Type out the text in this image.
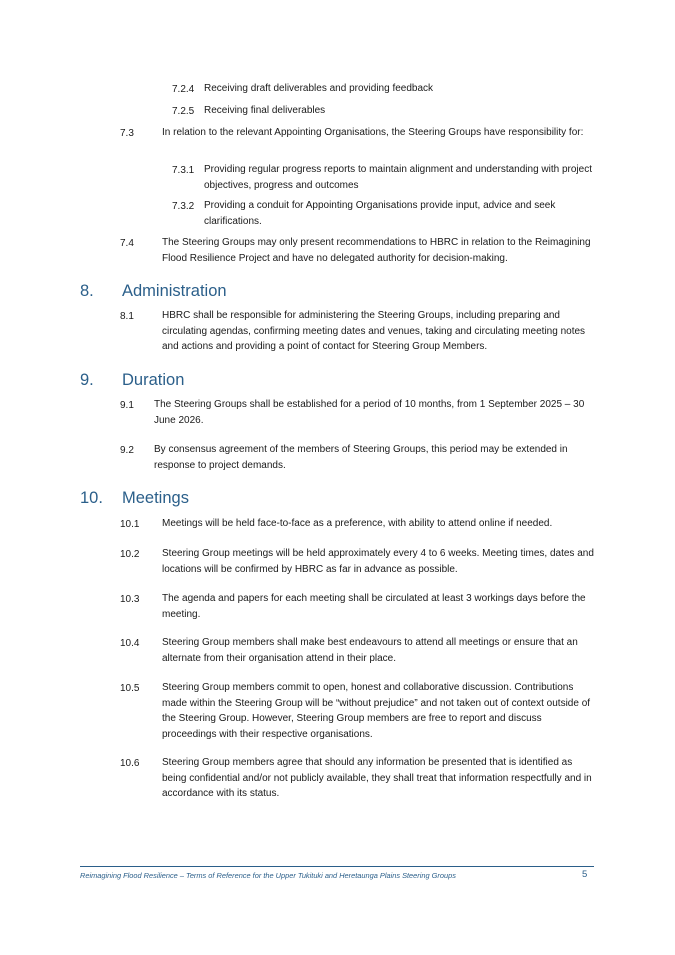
7.2.4 Receiving draft deliverables and providing feedback
7.2.5 Receiving final deliverables
7.3	In relation to the relevant Appointing Organisations, the Steering Groups have responsibility for:
7.3.1 Providing regular progress reports to maintain alignment and understanding with project objectives, progress and outcomes
7.3.2 Providing a conduit for Appointing Organisations provide input, advice and seek clarifications.
7.4	The Steering Groups may only present recommendations to HBRC in relation to the Reimagining Flood Resilience Project and have no delegated authority for decision-making.
8. Administration
8.1	HBRC shall be responsible for administering the Steering Groups, including preparing and circulating agendas, confirming meeting dates and venues, taking and circulating meeting notes and actions and providing a point of contact for Steering Group Members.
9. Duration
9.1 The Steering Groups shall be established for a period of 10 months, from 1 September 2025 – 30 June 2026.
9.2 By consensus agreement of the members of Steering Groups, this period may be extended in response to project demands.
10. Meetings
10.1 Meetings will be held face-to-face as a preference, with ability to attend online if needed.
10.2 Steering Group meetings will be held approximately every 4 to 6 weeks. Meeting times, dates and locations will be confirmed by HBRC as far in advance as possible.
10.3 The agenda and papers for each meeting shall be circulated at least 3 workings days before the meeting.
10.4 Steering Group members shall make best endeavours to attend all meetings or ensure that an alternate from their organisation attend in their place.
10.5 Steering Group members commit to open, honest and collaborative discussion. Contributions made within the Steering Group will be “without prejudice” and not taken out of context outside of the Steering Group. However, Steering Group members are free to report and discuss proceedings with their respective organisations.
10.6 Steering Group members agree that should any information be presented that is identified as being confidential and/or not publicly available, they shall treat that information respectfully and in accordance with its status.
Reimagining Flood Resilience – Terms of Reference for the Upper Tukituki and Heretaunga Plains Steering Groups	5
